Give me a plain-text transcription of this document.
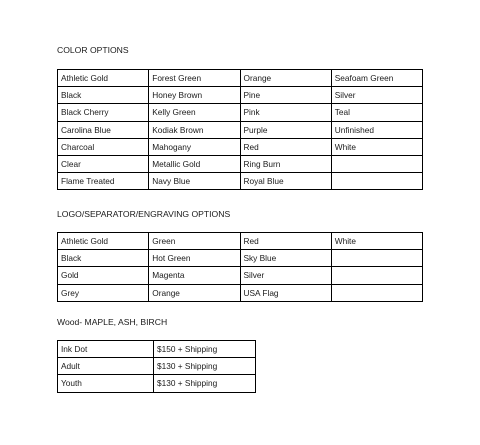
COLOR OPTIONS
Athletic Gold	Forest Green	Orange	Seafoam Green
Black	Honey Brown	Pine	Silver
Black Cherry	Kelly Green	Pink	Teal
Carolina Blue	Kodiak Brown	Purple	Unfinished
Charcoal	Mahogany	Red	White
Clear	Metallic Gold	Ring Burn	
Flame Treated	Navy Blue	Royal Blue	
LOGO/SEPARATOR/ENGRAVING OPTIONS
Athletic Gold	Green	Red	White
Black	Hot Green	Sky Blue	
Gold	Magenta	Silver	
Grey	Orange	USA Flag	
Wood- MAPLE, ASH, BIRCH
Ink Dot	$150 + Shipping
Adult	$130 + Shipping
Youth	$130 + Shipping
